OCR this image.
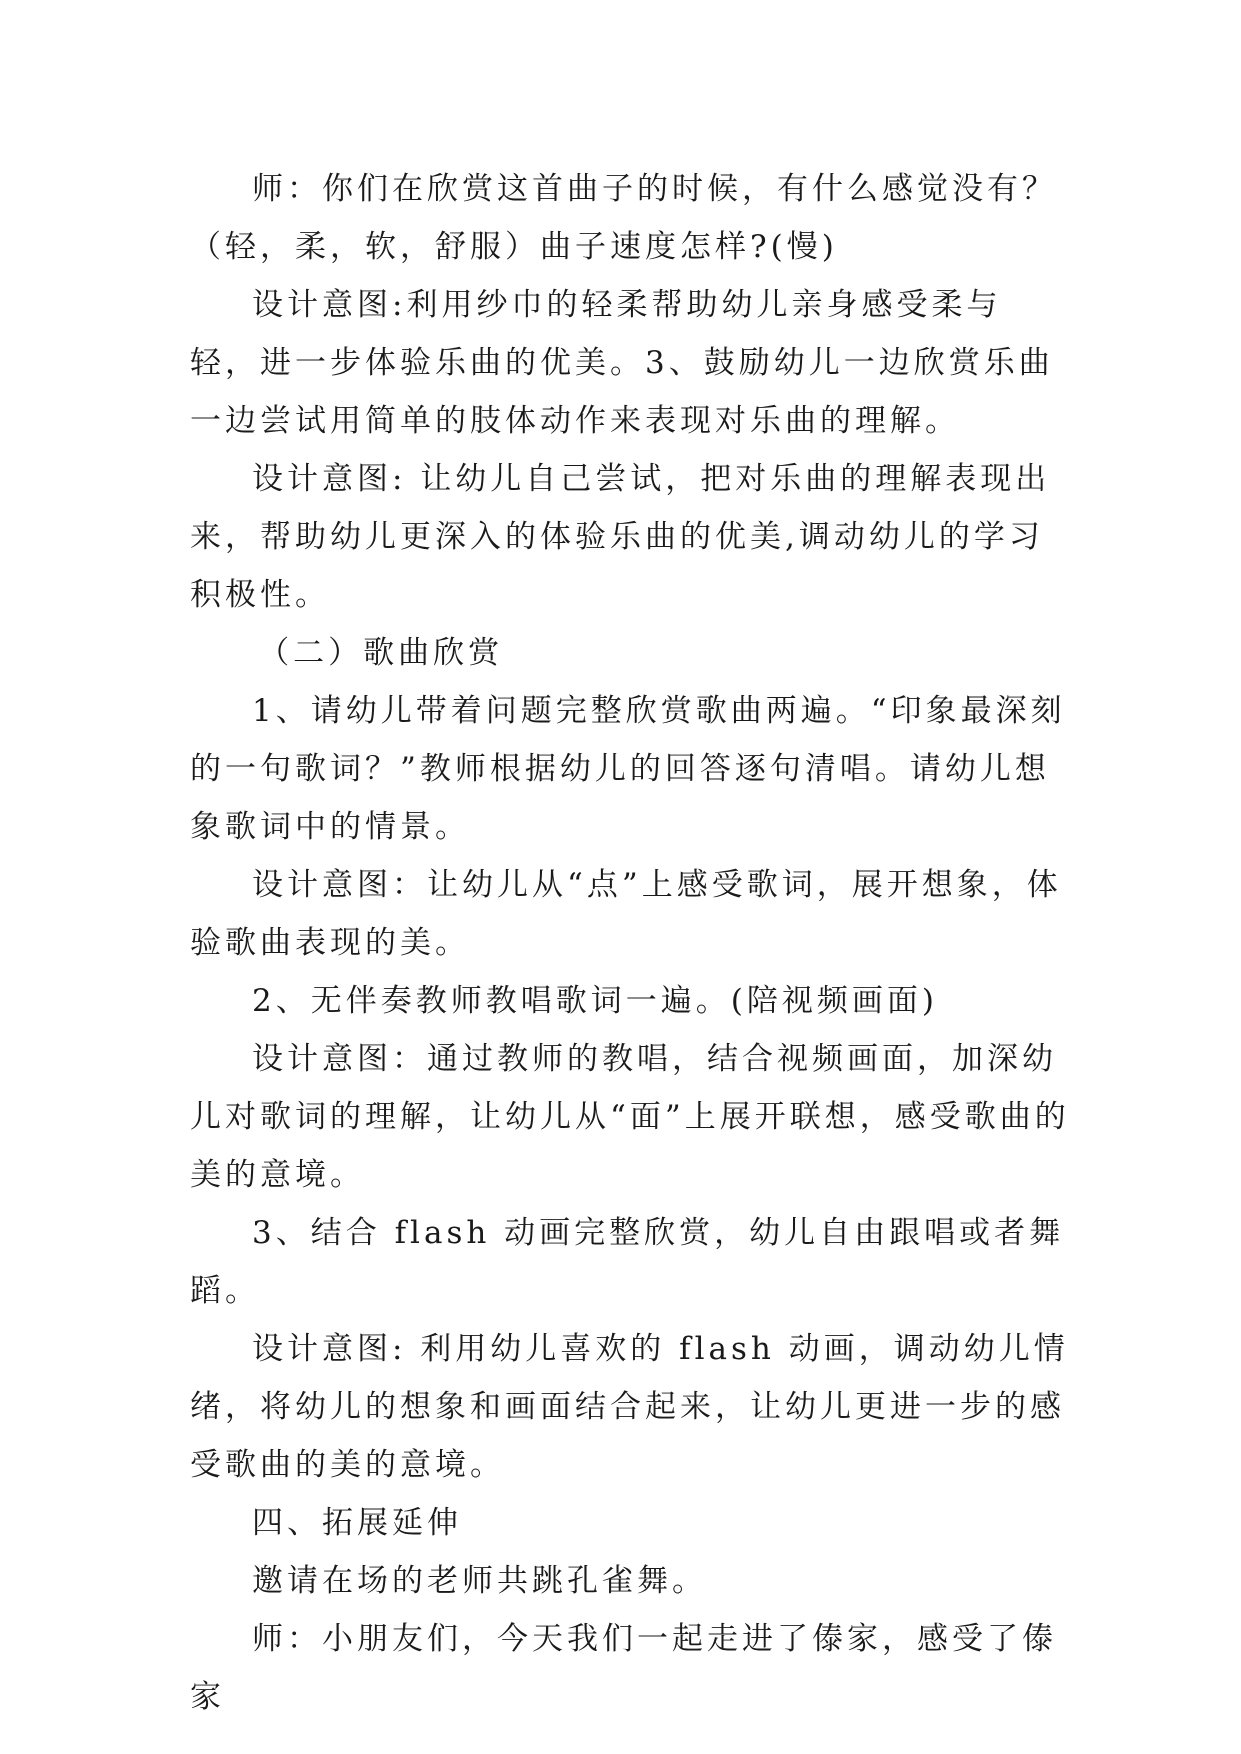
师：你们在欣赏这首曲子的时候，有什么感觉没有？（轻，柔，软，舒服）曲子速度怎样?(慢)

设计意图:利用纱巾的轻柔帮助幼儿亲身感受柔与轻，进一步体验乐曲的优美。3、鼓励幼儿一边欣赏乐曲一边尝试用简单的肢体动作来表现对乐曲的理解。

设计意图: 让幼儿自己尝试，把对乐曲的理解表现出来，帮助幼儿更深入的体验乐曲的优美,调动幼儿的学习积极性。

（二）歌曲欣赏

1、请幼儿带着问题完整欣赏歌曲两遍。“印象最深刻的一句歌词？”教师根据幼儿的回答逐句清唱。请幼儿想象歌词中的情景。

设计意图：让幼儿从“点”上感受歌词，展开想象，体验歌曲表现的美。

2、无伴奏教师教唱歌词一遍。(陪视频画面)

设计意图：通过教师的教唱，结合视频画面，加深幼儿对歌词的理解，让幼儿从“面”上展开联想，感受歌曲的美的意境。

3、结合 flash 动画完整欣赏，幼儿自由跟唱或者舞蹈。

设计意图: 利用幼儿喜欢的 flash 动画，调动幼儿情绪，将幼儿的想象和画面结合起来，让幼儿更进一步的感受歌曲的美的意境。

四、拓展延伸

邀请在场的老师共跳孔雀舞。

师：小朋友们，今天我们一起走进了傣家，感受了傣家
